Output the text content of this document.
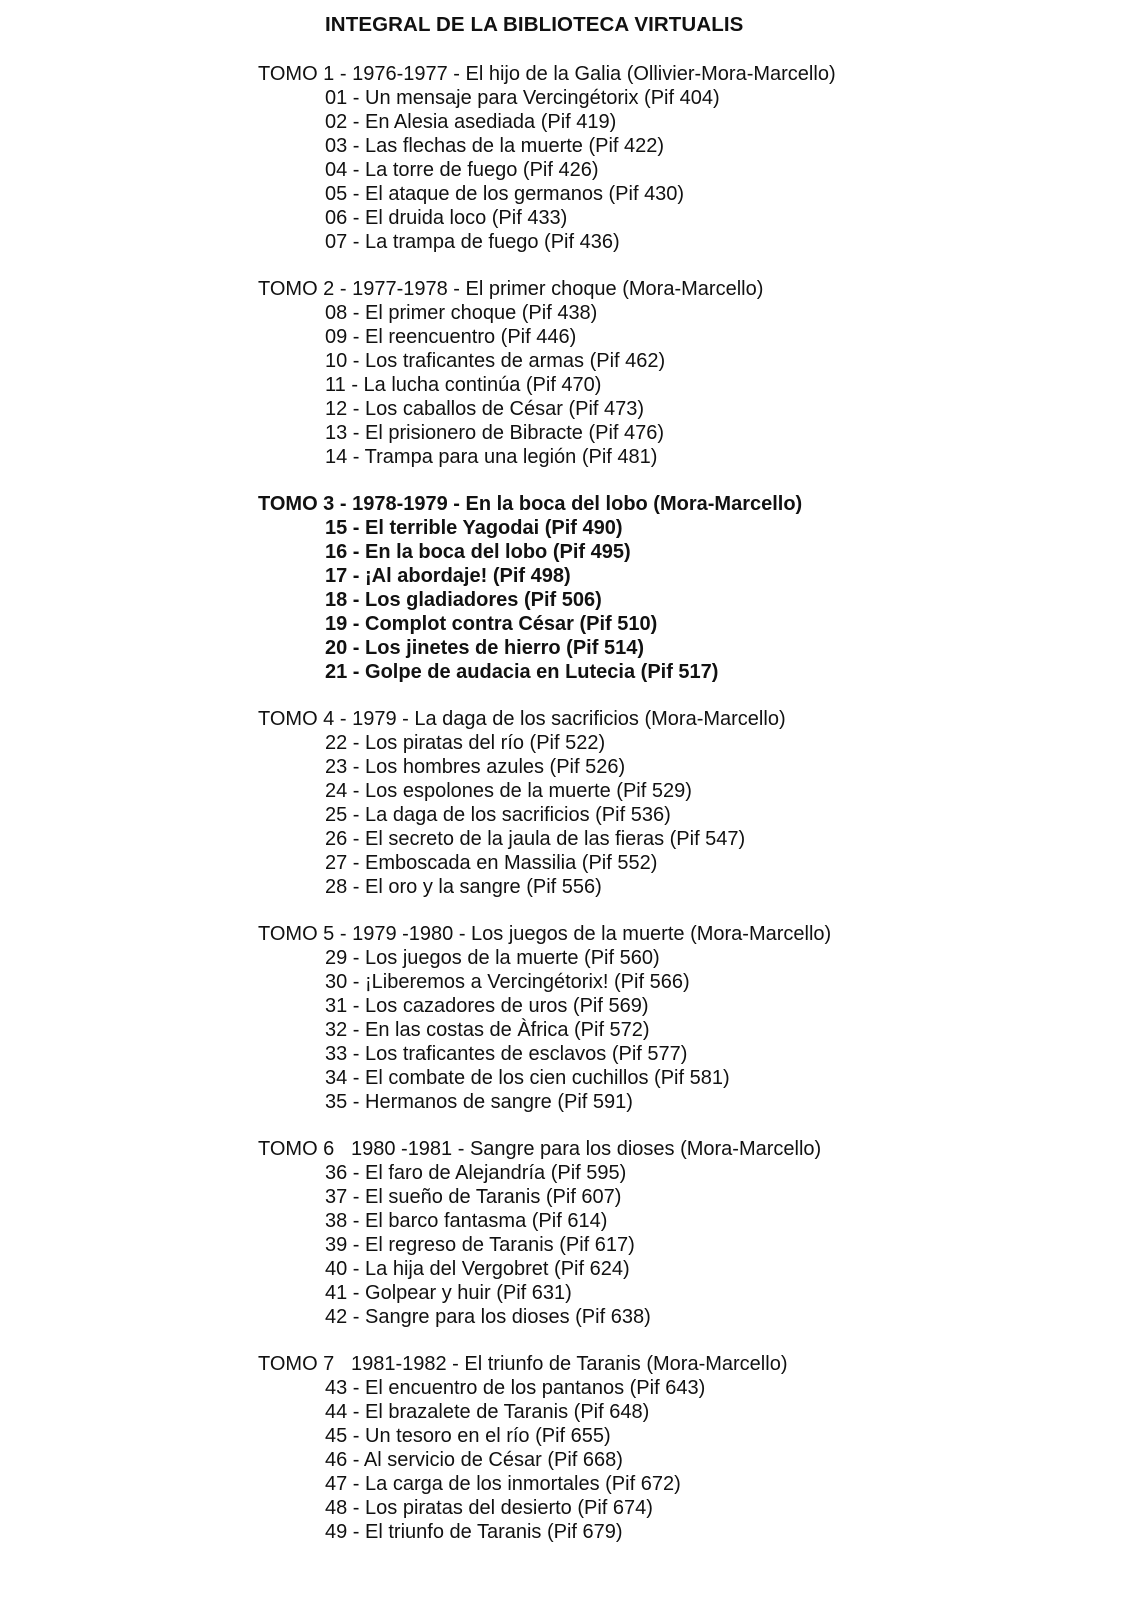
INTEGRAL DE LA BIBLIOTECA VIRTUALIS
TOMO 1 - 1976-1977 - El hijo de la Galia (Ollivier-Mora-Marcello)
01 - Un mensaje para Vercingétorix (Pif 404)
02 - En Alesia asediada (Pif 419)
03 - Las flechas de la muerte (Pif 422)
04 - La torre de fuego (Pif 426)
05 - El ataque de los germanos (Pif 430)
06 - El druida loco (Pif 433)
07 - La trampa de fuego (Pif 436)
TOMO 2 - 1977-1978 - El primer choque (Mora-Marcello)
08 - El primer choque (Pif 438)
09 - El reencuentro (Pif 446)
10 - Los traficantes de armas (Pif 462)
11 - La lucha continúa (Pif 470)
12 - Los caballos de César (Pif 473)
13 - El prisionero de Bibracte (Pif 476)
14 - Trampa para una legión (Pif 481)
TOMO 3 - 1978-1979 - En la boca del lobo (Mora-Marcello)
15 - El terrible Yagodai (Pif 490)
16 - En la boca del lobo (Pif 495)
17 - ¡Al abordaje! (Pif 498)
18 - Los gladiadores (Pif 506)
19 - Complot contra César (Pif 510)
20 - Los jinetes de hierro (Pif 514)
21 - Golpe de audacia en Lutecia (Pif 517)
TOMO 4 - 1979 - La daga de los sacrificios (Mora-Marcello)
22 - Los piratas del río (Pif 522)
23 - Los hombres azules (Pif 526)
24 - Los espolones de la muerte (Pif 529)
25 - La daga de los sacrificios (Pif 536)
26 - El secreto de la jaula de las fieras (Pif 547)
27 - Emboscada en Massilia (Pif 552)
28 - El oro y la sangre (Pif 556)
TOMO 5 - 1979 -1980 - Los juegos de la muerte (Mora-Marcello)
29 - Los juegos de la muerte (Pif 560)
30 - ¡Liberemos a Vercingétorix! (Pif 566)
31 - Los cazadores de uros (Pif 569)
32 - En las costas de Àfrica (Pif 572)
33 - Los traficantes de esclavos (Pif 577)
34 - El combate de los cien cuchillos (Pif 581)
35 - Hermanos de sangre (Pif 591)
TOMO 6   1980 -1981 - Sangre para los dioses (Mora-Marcello)
36 - El faro de Alejandría (Pif 595)
37 - El sueño de Taranis (Pif 607)
38 - El barco fantasma (Pif 614)
39 - El regreso de Taranis (Pif 617)
40 - La hija del Vergobret (Pif 624)
41 - Golpear y huir (Pif 631)
42 - Sangre para los dioses (Pif 638)
TOMO 7   1981-1982 - El triunfo de Taranis (Mora-Marcello)
43 - El encuentro de los pantanos (Pif 643)
44 - El brazalete de Taranis (Pif 648)
45 - Un tesoro en el río (Pif 655)
46 - Al servicio de César (Pif 668)
47 - La carga de los inmortales (Pif 672)
48 - Los piratas del desierto (Pif 674)
49 - El triunfo de Taranis (Pif 679)
